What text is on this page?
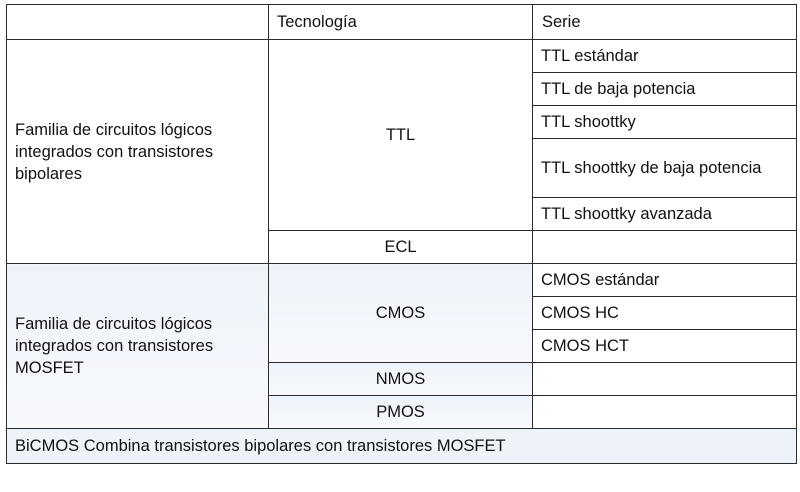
	Tecnología	Serie
Familia de circuitos lógicos integrados con transistores bipolares	TTL	TTL estándar
		TTL de baja potencia
		TTL shoottky
		TTL shoottky de baja potencia
		TTL shoottky avanzada
	ECL	
Familia de circuitos lógicos integrados con transistores MOSFET	CMOS	CMOS estándar
		CMOS HC
		CMOS HCT
	NMOS	
	PMOS	
BiCMOS Combina transistores bipolares con transistores MOSFET		
